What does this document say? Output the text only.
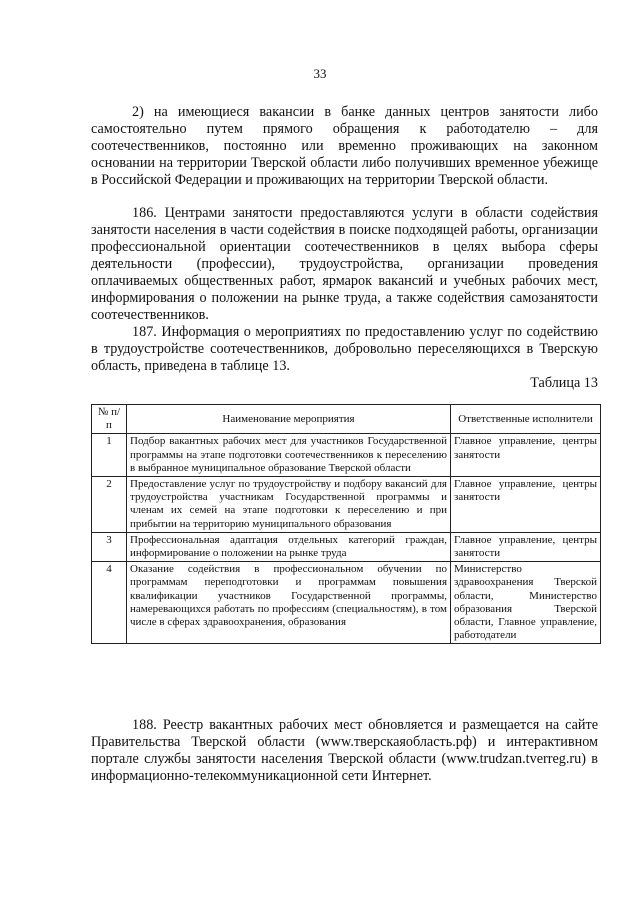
33

2) на имеющиеся вакансии в банке данных центров занятости либо самостоятельно путем прямого обращения к работодателю – для соотечественников, постоянно или временно проживающих на законном основании на территории Тверской области либо получивших временное убежище в Российской Федерации и проживающих на территории Тверской области.

186. Центрами занятости предоставляются услуги в области содействия занятости населения в части содействия в поиске подходящей работы, организации профессиональной ориентации соотечественников в целях выбора сферы деятельности (профессии), трудоустройства, организации проведения оплачиваемых общественных работ, ярмарок вакансий и учебных рабочих мест, информирования о положении на рынке труда, а также содействия самозанятости соотечественников.

187. Информация о мероприятиях по предоставлению услуг по содействию в трудоустройстве соотечественников, добровольно переселяющихся в Тверскую область, приведена в таблице 13.

Таблица 13
№ п/п	Наименование мероприятия	Ответственные исполнители
1	Подбор вакантных рабочих мест для участников Государственной программы на этапе подготовки соотечественников к переселению в выбранное муниципальное образование Тверской области	Главное управление, центры занятости
2	Предоставление услуг по трудоустройству и подбору вакансий для трудоустройства участникам Государственной программы и членам их семей на этапе подготовки к переселению и при прибытии на территорию муниципального образования	Главное управление, центры занятости
3	Профессиональная адаптация отдельных категорий граждан, информирование о положении на рынке труда	Главное управление, центры занятости
4	Оказание содействия в профессиональном обучении по программам переподготовки и программам повышения квалификации участников Государственной программы, намеревающихся работать по профессиям (специальностям), в том числе в сферах здравоохранения, образования	Министерство здравоохранения Тверской области, Министерство образования Тверской области, Главное управление, работодатели

188. Реестр вакантных рабочих мест обновляется и размещается на сайте Правительства Тверской области (www.тверскаяобласть.рф) и интерактивном портале службы занятости населения Тверской области (www.trudzan.tverreg.ru) в информационно-телекоммуникационной сети Интернет.
